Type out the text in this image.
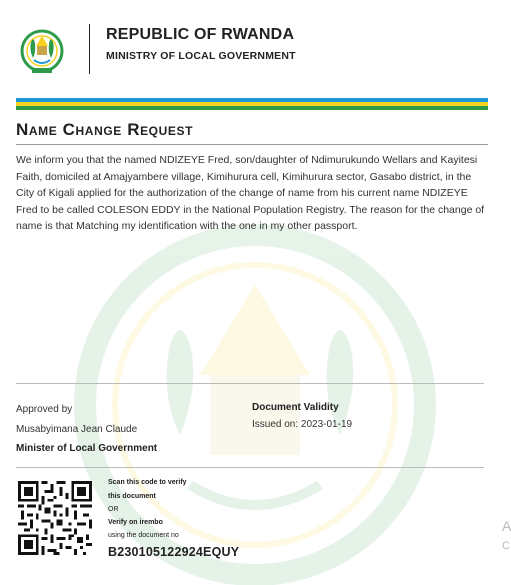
REPUBLIC OF RWANDA
MINISTRY OF LOCAL GOVERNMENT
Name Change Request
We inform you that the named NDIZEYE Fred, son/daughter of Ndimurukundo Wellars and Kayitesi Faith, domiciled at Amajyambere village, Kimihurura cell, Kimihurura sector, Gasabo district, in the City of Kigali applied for the authorization of the change of name from his current name NDIZEYE Fred to be called COLESON EDDY in the National Population Registry. The reason for the change of name is that Matching my identification with the one in my other passport.
Approved by
Musabyimana Jean Claude
Minister of Local Government
Document Validity
Issued on: 2023-01-19
Scan this code to verify
this document
OR
Verify on irembo
using the document no
B230105122924EQUY
A
C
